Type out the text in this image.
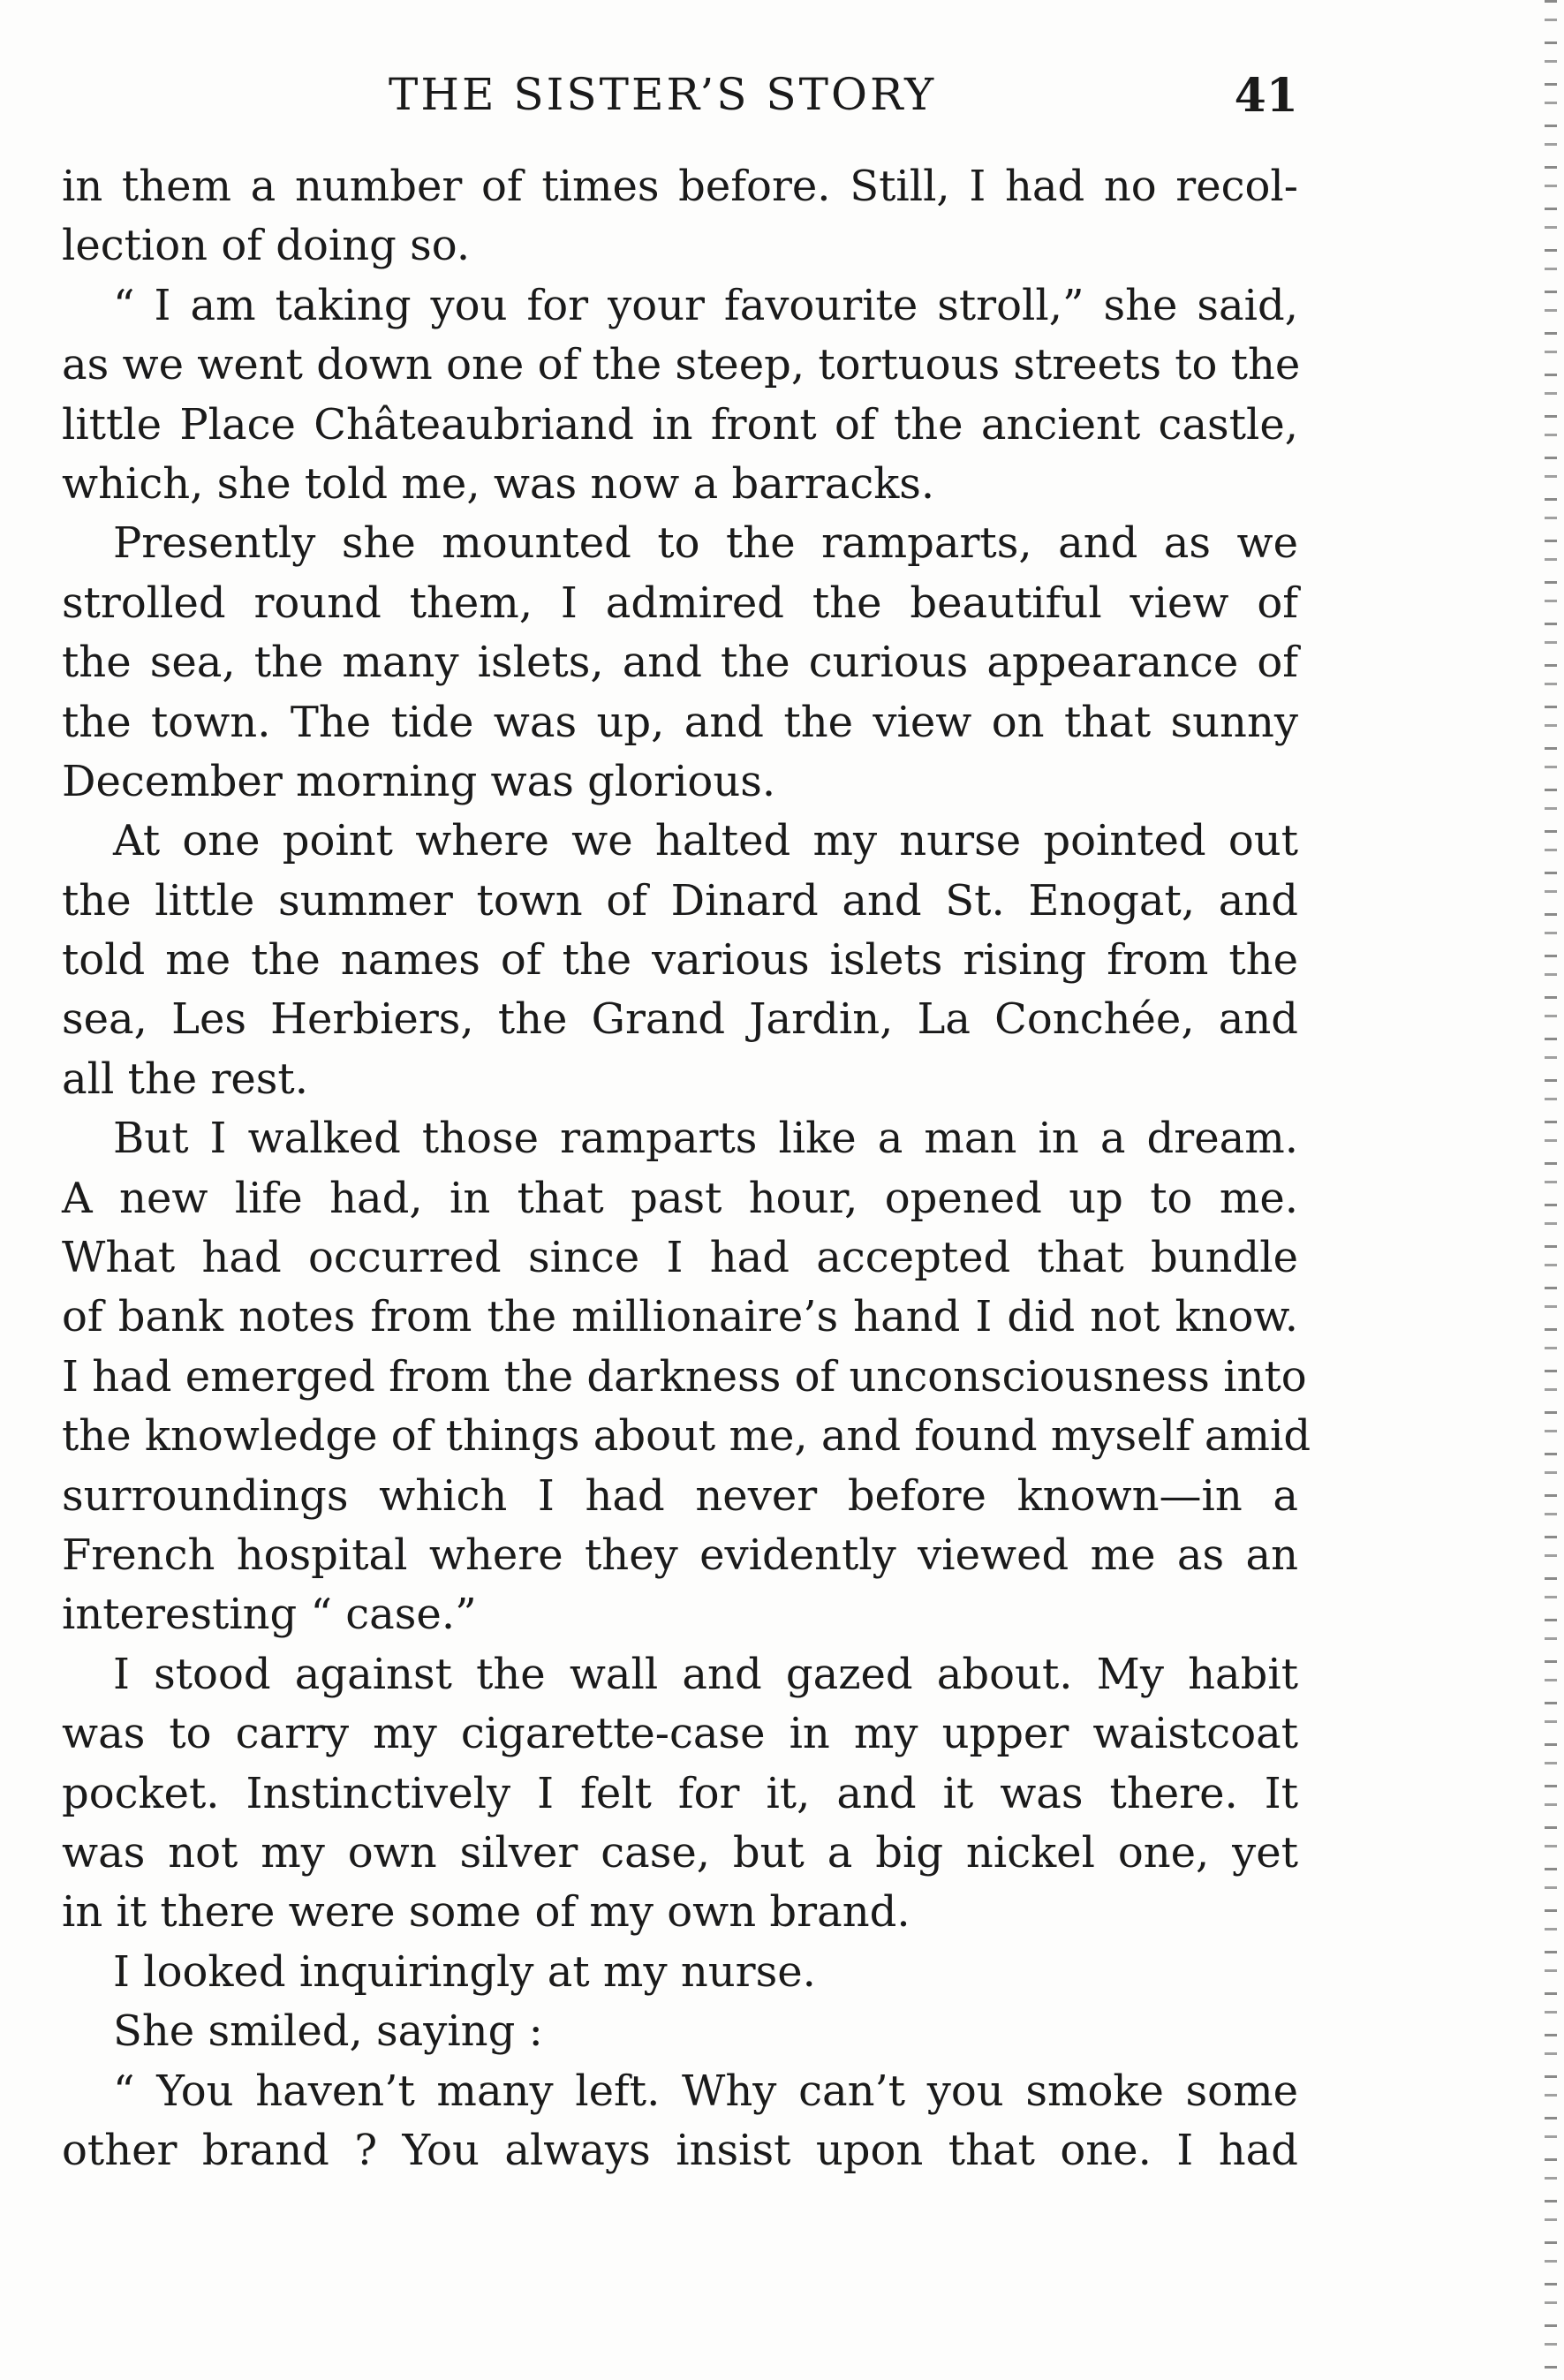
THE SISTER’S STORY	41

in them a number of times before. Still, I had no recol-
lection of doing so.

“ I am taking you for your favourite stroll,” she said,
as we went down one of the steep, tortuous streets to the
little Place Châteaubriand in front of the ancient castle,
which, she told me, was now a barracks.

Presently she mounted to the ramparts, and as we
strolled round them, I admired the beautiful view of
the sea, the many islets, and the curious appearance of
the town. The tide was up, and the view on that sunny
December morning was glorious.

At one point where we halted my nurse pointed out
the little summer town of Dinard and St. Enogat, and
told me the names of the various islets rising from the
sea, Les Herbiers, the Grand Jardin, La Conchée, and
all the rest.

But I walked those ramparts like a man in a dream.
A new life had, in that past hour, opened up to me.
What had occurred since I had accepted that bundle
of bank notes from the millionaire’s hand I did not know.
I had emerged from the darkness of unconsciousness into
the knowledge of things about me, and found myself amid
surroundings which I had never before known—in a
French hospital where they evidently viewed me as an
interesting “ case.”

I stood against the wall and gazed about. My habit
was to carry my cigarette-case in my upper waistcoat
pocket. Instinctively I felt for it, and it was there. It
was not my own silver case, but a big nickel one, yet
in it there were some of my own brand.

I looked inquiringly at my nurse.

She smiled, saying :

“ You haven’t many left. Why can’t you smoke some
other brand ? You always insist upon that one. I had
